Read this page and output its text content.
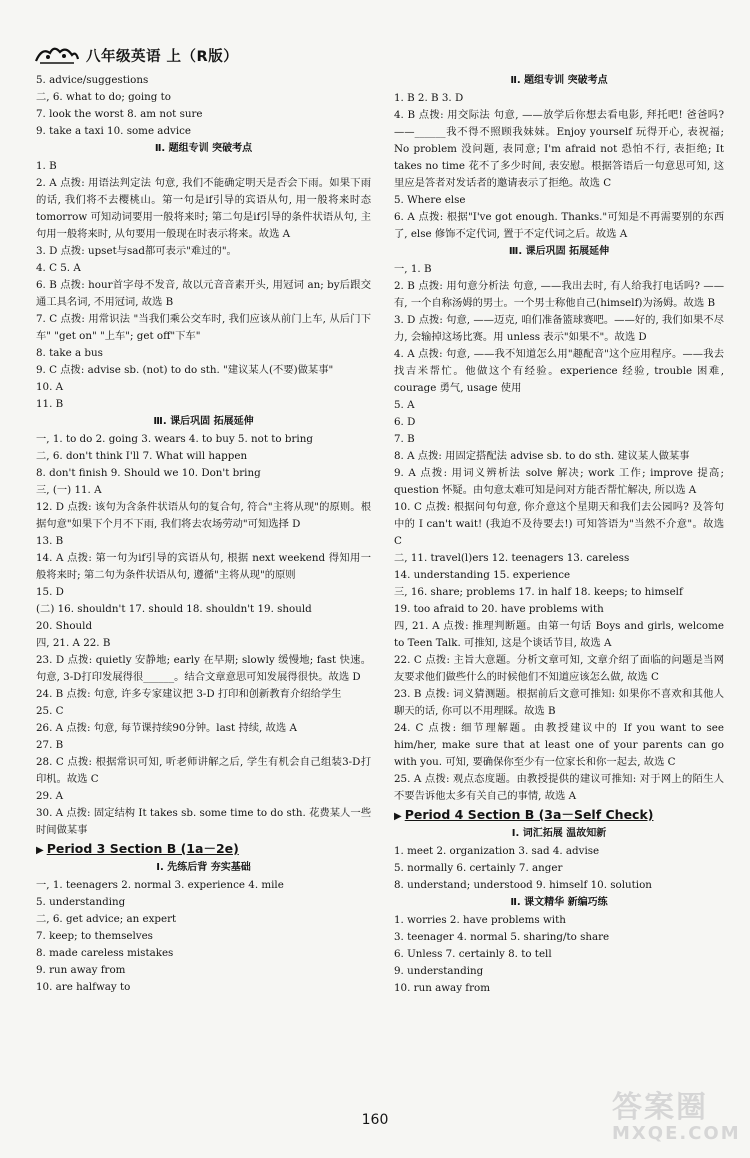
八年级英语 上（R版）
5. advice/suggestions
二, 6. what to do; going to
7. look the worst 8. am not sure
9. take a taxi 10. some advice
Ⅱ. 题组专训 突破考点
1. B
2. A 点拨: 用语法判定法 句意, 我们不能确定明天是否会下雨。如果下雨的话, 我们将不去樱桃山。第一句是if引导的宾语从句, 用一般将来时态 tomorrow 可知动词要用一般将来时; 第二句是if引导的条件状语从句, 主句用一般将来时, 从句要用一般现在时表示将来。故选 A
3. D 点拨: upset与sad都可表示"难过的"。
4. C 5. A
6. B 点拨: hour首字母不发音, 故以元音音素开头, 用冠词 an; by后跟交通工具名词, 不用冠词, 故选 B
7. C 点拨: 用常识法 "当我们乘公交车时, 我们应该从前门上车, 从后门下车" "get on" "上车"; get off"下车"
8. take a bus
9. C 点拨: advise sb. (not) to do sth. "建议某人(不要)做某事"
10. A
11. B
Ⅲ. 课后巩固 拓展延伸
一, 1. to do 2. going 3. wears 4. to buy 5. not to bring
二, 6. don't think I'll 7. What will happen
8. don't finish 9. Should we 10. Don't bring
三, (一) 11. A
12. D 点拨: 该句为含条件状语从句的复合句, 符合"主将从现"的原则。根据句意"如果下个月不下雨, 我们将去农场劳动"可知选择 D
13. B
14. A 点拨: 第一句为if引导的宾语从句, 根据 next weekend 得知用一般将来时; 第二句为条件状语从句, 遵循"主将从现"的原则
15. D
(二) 16. shouldn't 17. should 18. shouldn't 19. should
20. Should
四, 21. A 22. B
23. D 点拨: quietly 安静地; early 在早期; slowly 缓慢地; fast 快速。句意, 3-D打印发展得很______。结合文章意思可知发展得很快。故选 D
24. B 点拨: 句意, 许多专家建议把 3-D 打印和创新教育介绍给学生
25. C
26. A 点拨: 句意, 每节课持续90分钟。last 持续, 故选 A
27. B
28. C 点拨: 根据常识可知, 听老师讲解之后, 学生有机会自己组装3-D打印机。故选 C
29. A
30. A 点拨: 固定结构 It takes sb. some time to do sth. 花费某人一些时间做某事
▶ Period 3 Section B (1a－2e)
Ⅰ. 先练后背 夯实基础
一, 1. teenagers 2. normal 3. experience 4. mile
5. understanding
二, 6. get advice; an expert
7. keep; to themselves
8. made careless mistakes
9. run away from
10. are halfway to
Ⅱ. 题组专训 突破考点
1. B 2. B 3. D
4. B 点拨: 用交际法 句意, ——放学后你想去看电影, 拜托吧! 爸爸吗? ——______我不得不照顾我妹妹。Enjoy yourself 玩得开心, 表祝福; No problem 没问题, 表同意; I'm afraid not 恐怕不行, 表拒绝; It takes no time 花不了多少时间, 表安慰。根据答语后一句意思可知, 这里应是答者对发话者的邀请表示了拒绝。故选 C
5. Where else
6. A 点拨: 根据"I've got enough. Thanks."可知是不再需要别的东西了, else 修饰不定代词, 置于不定代词之后。故选 A
Ⅲ. 课后巩固 拓展延伸
一, 1. B
2. B 点拨: 用句意分析法 句意, ——我出去时, 有人给我打电话吗? ——有, 一个自称汤姆的男士。一个男士称他自己(himself)为汤姆。故选 B
3. D 点拨: 句意, ——迈克, 咱们准备篮球赛吧。——好的, 我们如果不尽力, 会输掉这场比赛。用 unless 表示"如果不"。故选 D
4. A 点拨: 句意, ——我不知道怎么用"趣配音"这个应用程序。——我去找吉米帮忙。他做这个有经验。experience 经验, trouble 困难, courage 勇气, usage 使用
5. A
6. D
7. B
8. A 点拨: 用固定搭配法 advise sb. to do sth. 建议某人做某事
9. A 点拨: 用词义辨析法 solve 解决; work 工作; improve 提高; question 怀疑。由句意太难可知是问对方能否帮忙解决, 所以选 A
10. C 点拨: 根据问句句意, 你介意这个星期天和我们去公园吗? 及答句中的 I can't wait! (我迫不及待要去!) 可知答语为"当然不介意"。故选 C
二, 11. travel(l)ers 12. teenagers 13. careless
14. understanding 15. experience
三, 16. share; problems 17. in half 18. keeps; to himself
19. too afraid to 20. have problems with
四, 21. A 点拨: 推理判断题。由第一句话 Boys and girls, welcome to Teen Talk. 可推知, 这是个谈话节目, 故选 A
22. C 点拨: 主旨大意题。分析文章可知, 文章介绍了面临的问题是当网友要求他们做些什么的时候他们不知道应该怎么做, 故选 C
23. B 点拨: 词义猜测题。根据前后文意可推知: 如果你不喜欢和其他人聊天的话, 你可以不用理睬。故选 B
24. C 点拨: 细节理解题。由教授建议中的 If you want to see him/her, make sure that at least one of your parents can go with you. 可知, 要确保你至少有一位家长和你一起去, 故选 C
25. A 点拨: 观点态度题。由教授提供的建议可推知: 对于网上的陌生人不要告诉他太多有关自己的事情, 故选 A
▶ Period 4 Section B (3a－Self Check)
Ⅰ. 词汇拓展 温故知新
1. meet 2. organization 3. sad 4. advise
5. normally 6. certainly 7. anger
8. understand; understood 9. himself 10. solution
Ⅱ. 课文精华 新编巧练
1. worries 2. have problems with
3. teenager 4. normal 5. sharing/to share
6. Unless 7. certainly 8. to tell
9. understanding
10. run away from
160	答案圈
MXQE.COM
